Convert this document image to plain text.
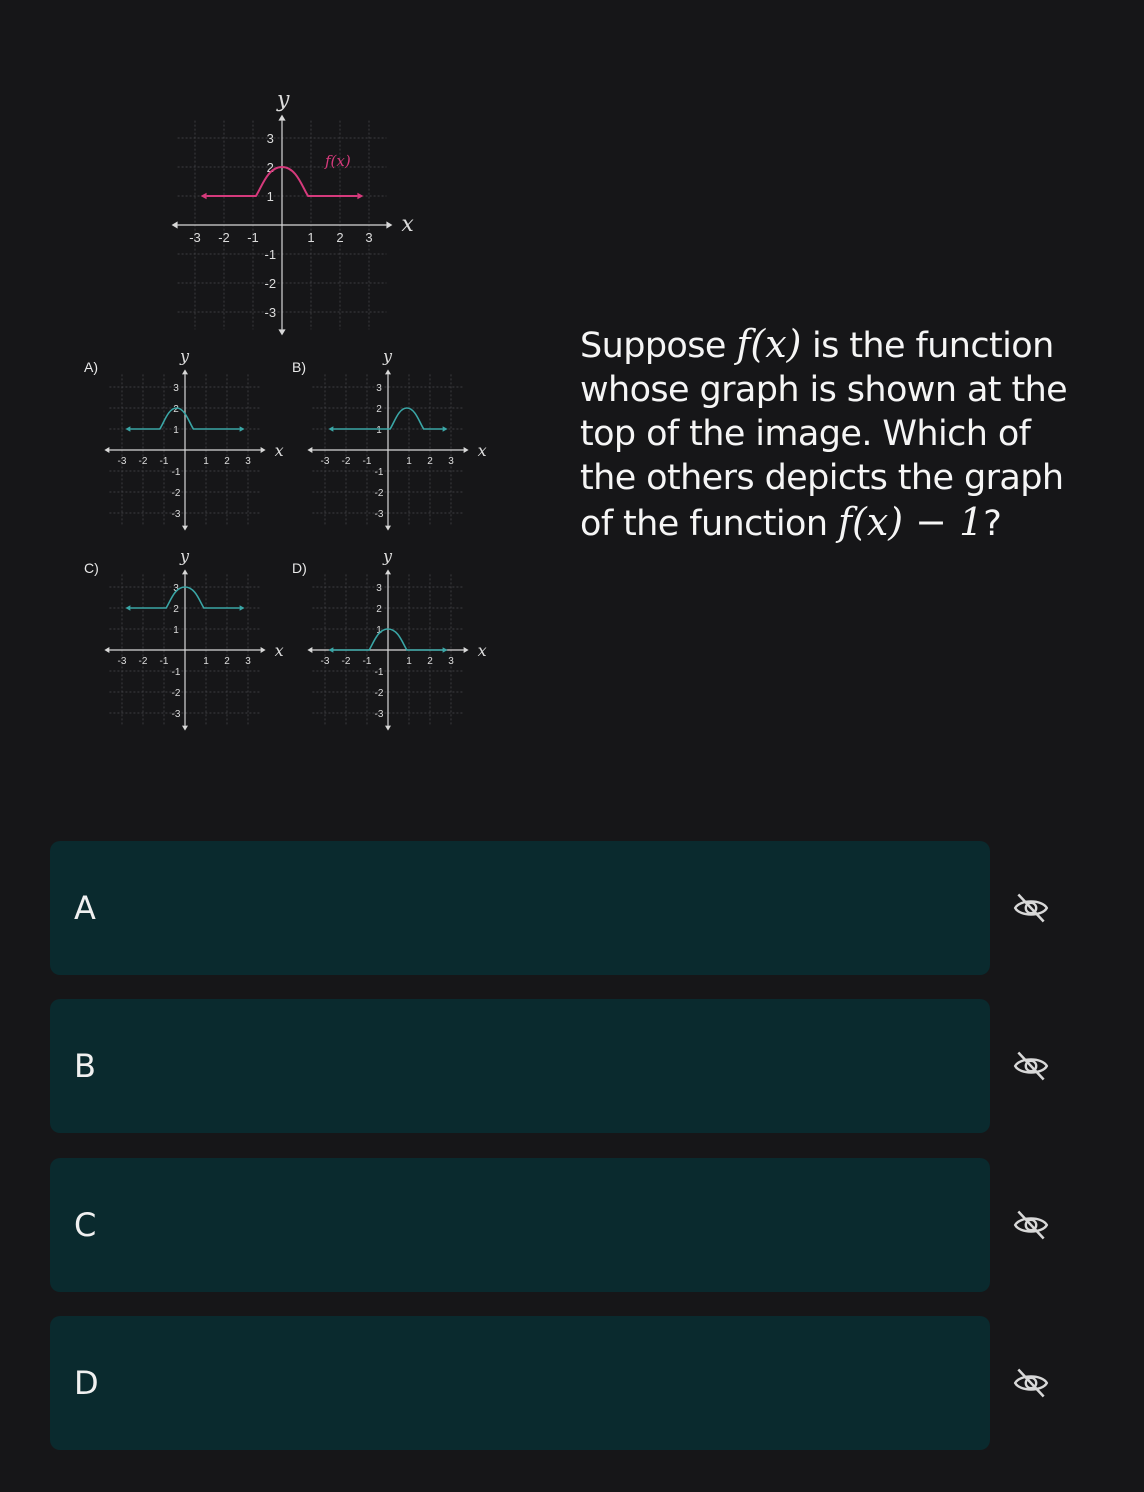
x
y
-3
-3
-2
-2
-1
-1
1
1
2
2
3
3
f(x)
x
y
-3
-3
-2
-2
-1
-1
1
1
2
2
3
3
x
y
-3
-3
-2
-2
-1
-1
1
1
2
2
3
3
x
y
-3
-3
-2
-2
-1
-1
1
1
2
2
3
3
x
y
-3
-3
-2
-2
-1
-1
1
1
2
2
3
3
A)	B)
C)	D)
Suppose f(x) is the function whose graph is shown at the top of the image. Which of the others depicts the graph of the function f(x) − 1?
A
B
C
D
